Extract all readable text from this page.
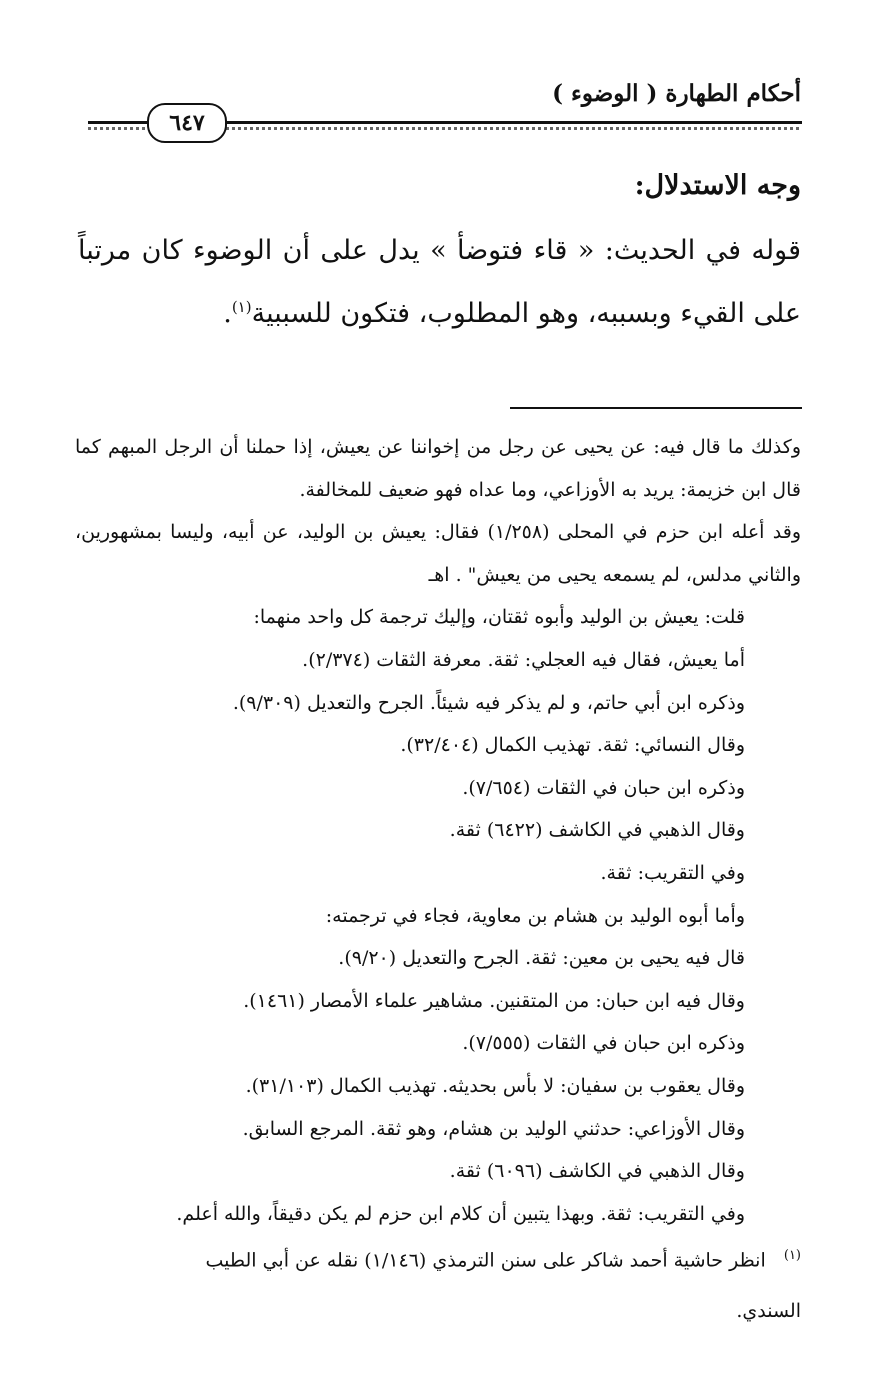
أحكام الطهارة ( الوضوء )
٦٤٧
وجه الاستدلال:
قوله في الحديث: « قاء فتوضأ » يدل على أن الوضوء كان مرتباً على القيء وبسببه، وهو المطلوب، فتكون للسببية$^{(١)}$.

وكذلك ما قال فيه: عن يحيى عن رجل من إخواننا عن يعيش، إذا حملنا أن الرجل المبهم كما قال ابن خزيمة: يريد به الأوزاعي، وما عداه فهو ضعيف للمخالفة.

وقد أعله ابن حزم في المحلى (١/٢٥٨) فقال: يعيش بن الوليد، عن أبيه، وليسا بمشهورين، والثاني مدلس، لم يسمعه يحيى من يعيش" . اهـ

قلت: يعيش بن الوليد وأبوه ثقتان، وإليك ترجمة كل واحد منهما:

أما يعيش، فقال فيه العجلي: ثقة. معرفة الثقات (٢/٣٧٤).

وذكره ابن أبي حاتم، و لم يذكر فيه شيئاً. الجرح والتعديل (٩/٣٠٩).

وقال النسائي: ثقة. تهذيب الكمال (٣٢/٤٠٤).

وذكره ابن حبان في الثقات (٧/٦٥٤).

وقال الذهبي في الكاشف (٦٤٢٢) ثقة.

وفي التقريب: ثقة.

وأما أبوه الوليد بن هشام بن معاوية، فجاء في ترجمته:

قال فيه يحيى بن معين: ثقة. الجرح والتعديل (٩/٢٠).

وقال فيه ابن حبان: من المتقنين. مشاهير علماء الأمصار (١٤٦١).

وذكره ابن حبان في الثقات (٧/٥٥٥).

وقال يعقوب بن سفيان: لا بأس بحديثه. تهذيب الكمال (٣١/١٠٣).

وقال الأوزاعي: حدثني الوليد بن هشام، وهو ثقة. المرجع السابق.

وقال الذهبي في الكاشف (٦٠٩٦) ثقة.

وفي التقريب: ثقة. وبهذا يتبين أن كلام ابن حزم لم يكن دقيقاً، والله أعلم.

$^{(١)}$   انظر حاشية أحمد شاكر على سنن الترمذي (١/١٤٦) نقله عن أبي الطيب

السندي.
